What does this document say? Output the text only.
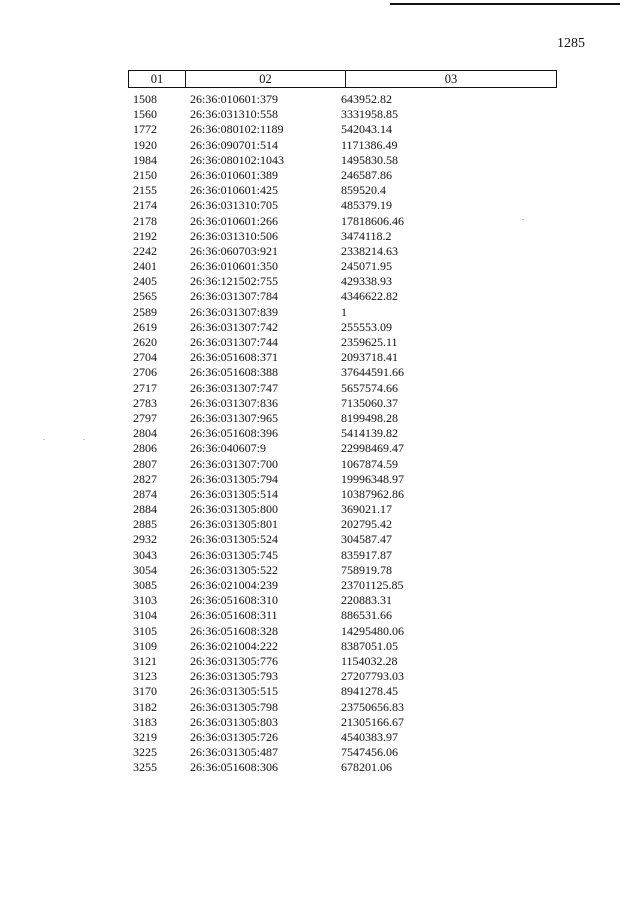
1285
01	02	03
1508	26:36:010601:379	643952.82
1560	26:36:031310:558	3331958.85
1772	26:36:080102:1189	542043.14
1920	26:36:090701:514	1171386.49
1984	26:36:080102:1043	1495830.58
2150	26:36:010601:389	246587.86
2155	26:36:010601:425	859520.4
2174	26:36:031310:705	485379.19
2178	26:36:010601:266	17818606.46
2192	26:36:031310:506	3474118.2
2242	26:36:060703:921	2338214.63
2401	26:36:010601:350	245071.95
2405	26:36:121502:755	429338.93
2565	26:36:031307:784	4346622.82
2589	26:36:031307:839	1
2619	26:36:031307:742	255553.09
2620	26:36:031307:744	2359625.11
2704	26:36:051608:371	2093718.41
2706	26:36:051608:388	37644591.66
2717	26:36:031307:747	5657574.66
2783	26:36:031307:836	7135060.37
2797	26:36:031307:965	8199498.28
2804	26:36:051608:396	5414139.82
2806	26:36:040607:9	22998469.47
2807	26:36:031307:700	1067874.59
2827	26:36:031305:794	19996348.97
2874	26:36:031305:514	10387962.86
2884	26:36:031305:800	369021.17
2885	26:36:031305:801	202795.42
2932	26:36:031305:524	304587.47
3043	26:36:031305:745	835917.87
3054	26:36:031305:522	758919.78
3085	26:36:021004:239	23701125.85
3103	26:36:051608:310	220883.31
3104	26:36:051608:311	886531.66
3105	26:36:051608:328	14295480.06
3109	26:36:021004:222	8387051.05
3121	26:36:031305:776	1154032.28
3123	26:36:031305:793	27207793.03
3170	26:36:031305:515	8941278.45
3182	26:36:031305:798	23750656.83
3183	26:36:031305:803	21305166.67
3219	26:36:031305:726	4540383.97
3225	26:36:031305:487	7547456.06
3255	26:36:051608:306	678201.06
.	.
.
